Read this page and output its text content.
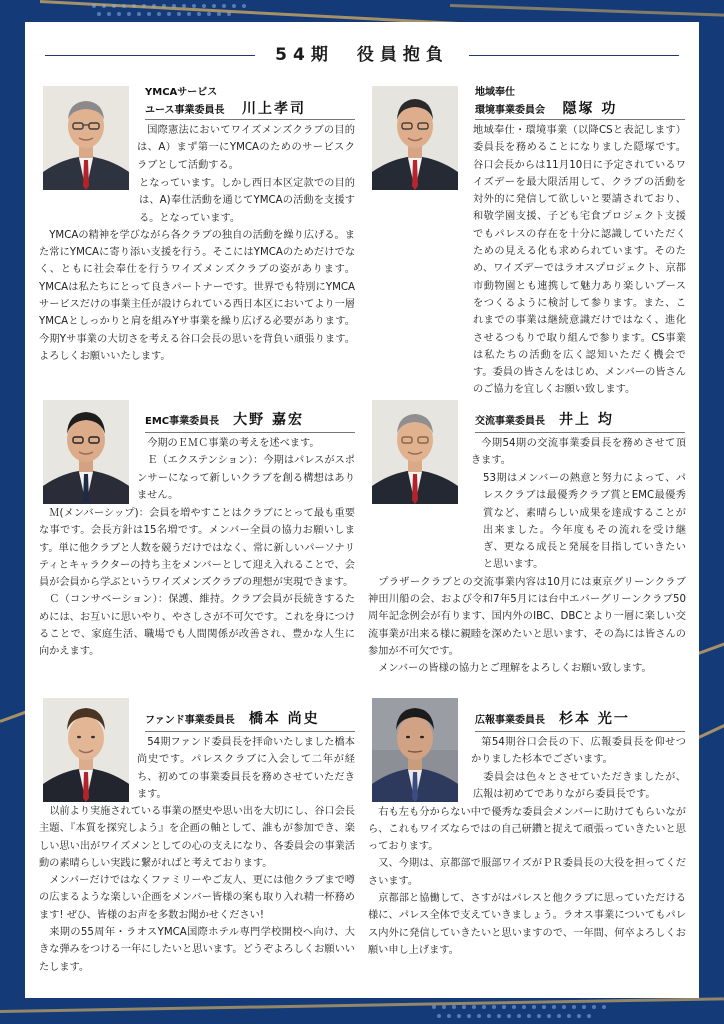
54期　役員抱負
YMCAサービス
ユース事業委員長 川上孝司

国際憲法においてワイズメンズクラブの目的は、A）まず第一にYMCAのためのサービスクラブとして活動する。

となっています。しかし西日本区定款での目的は、A)奉仕活動を通じてYMCAの活動を支援する。となっています。

YMCAの精神を学びながら各クラブの独自の活動を繰り広げる。また常にYMCAに寄り添い支援を行う。そこにはYMCAのためだけでなく、ともに社会奉仕を行うワイズメンズクラブの姿があります。YMCAは私たちにとって良きパートナーです。世界でも特別にYMCAサービスだけの事業主任が設けられている西日本区においてより一層YMCAとしっかりと肩を組みYサ事業を繰り広げる必要があります。今期Yサ事業の大切さを考える谷口会長の思いを背負い頑張ります。よろしくお願いいたします。

地域奉仕
環境事業委員会 隠塚 功

地域奉仕・環境事業（以降CSと表記します）委員長を務めることになりました隠塚です。谷口会長からは11月10日に予定されているワイズデーを最大限活用して、クラブの活動を対外的に発信して欲しいと要請されており、和敬学園支援、子ども宅食プロジェクト支援でもパレスの存在を十分に認識していただくための見える化も求められています。そのため、ワイズデーではラオスプロジェクト、京都市動物園とも連携して魅力あり楽しいブースをつくるように検討して参ります。また、これまでの事業は継続意識だけではなく、進化させるつもりで取り組んで参ります。CS事業は私たちの活動を広く認知いただく機会です。委員の皆さんをはじめ、メンバーの皆さんのご協力を宜しくお願い致します。

EMC事業委員長 大野 嘉宏

今期のＥＭＣ事業の考えを述べます。

Ｅ（エクステンション）：今期はパレスがスポンサーになって新しいクラブを創る構想はありません。

Ｍ(メンバーシップ)：会員を増やすことはクラブにとって最も重要な事です。会長方針は15名増です。メンバー全員の協力お願いします。単に他クラブと人数を競うだけではなく、常に新しいパーソナリティとキャラクターの持ち主をメンバーとして迎え入れることで、会員が会員から学ぶというワイズメンズクラブの理想が実現できます。

Ｃ（コンサベーション）：保護、維持。クラブ会員が長続きするためには、お互いに思いやり、やさしさが不可欠です。これを身につけることで、家庭生活、職場でも人間関係が改善され、豊かな人生に向かえます。

交流事業委員長 井上 均

今期54期の交流事業委員長を務めさせて頂きます。

53期はメンバーの熱意と努力によって、パレスクラブは最優秀クラブ賞とEMC最優秀賞など、素晴らしい成果を達成することが出来ました。今年度もその流れを受け継ぎ、更なる成長と発展を目指していきたいと思います。

プラザークラブとの交流事業内容は10月には東京グリーンクラブ神田川船の会、および令和7年5月には台中エバーグリーンクラブ50周年記念例会が有ります、国内外のIBC、DBCとより一層に楽しい交流事業が出来る様に親睦を深めたいと思います、その為には皆さんの参加が不可欠です。

メンバーの皆様の協力とご理解をよろしくお願い致します。

ファンド事業委員長 橋本 尚史

54期ファンド委員長を拝命いたしました橋本尚史です。パレスクラブに入会して二年が経ち、初めての事業委員長を務めさせていただきます。

以前より実施されている事業の歴史や思い出を大切にし、谷口会長主題、『本質を探究しよう』を企画の軸として、誰もが参加でき、楽しい思い出がワイズメンとしての心の支えになり、各委員会の事業活動の素晴らしい実践に繋がればと考えております。

メンバーだけではなくファミリーやご友人、更には他クラブまで噂の広まるような楽しい企画をメンバー皆様の案も取り入れ精一杯務めます! ぜひ、皆様のお声を多数お聞かせください!

来期の55周年・ラオスYMCA国際ホテル専門学校開校へ向け、大きな弾みをつける一年にしたいと思います。どうぞよろしくお願いいたします。

広報事業委員長 杉本 光一

第54期谷口会長の下、広報委員長を仰せつかりました杉本でございます。

委員会は色々とさせていただきましたが、広報は初めてでありながら委員長です。

右も左も分からない中で優秀な委員会メンバーに助けてもらいながら、これもワイズならではの自己研鑽と捉えて頑張っていきたいと思っております。

又、今期は、京都部で服部ワイズがＰＲ委員長の大役を担ってくださいます。

京都部と協働して、さすがはパレスと他クラブに思っていただける様に、パレス全体で支えていきましょう。ラオス事業についてもパレス内外に発信していきたいと思いますので、一年間、何卒よろしくお願い申し上げます。
